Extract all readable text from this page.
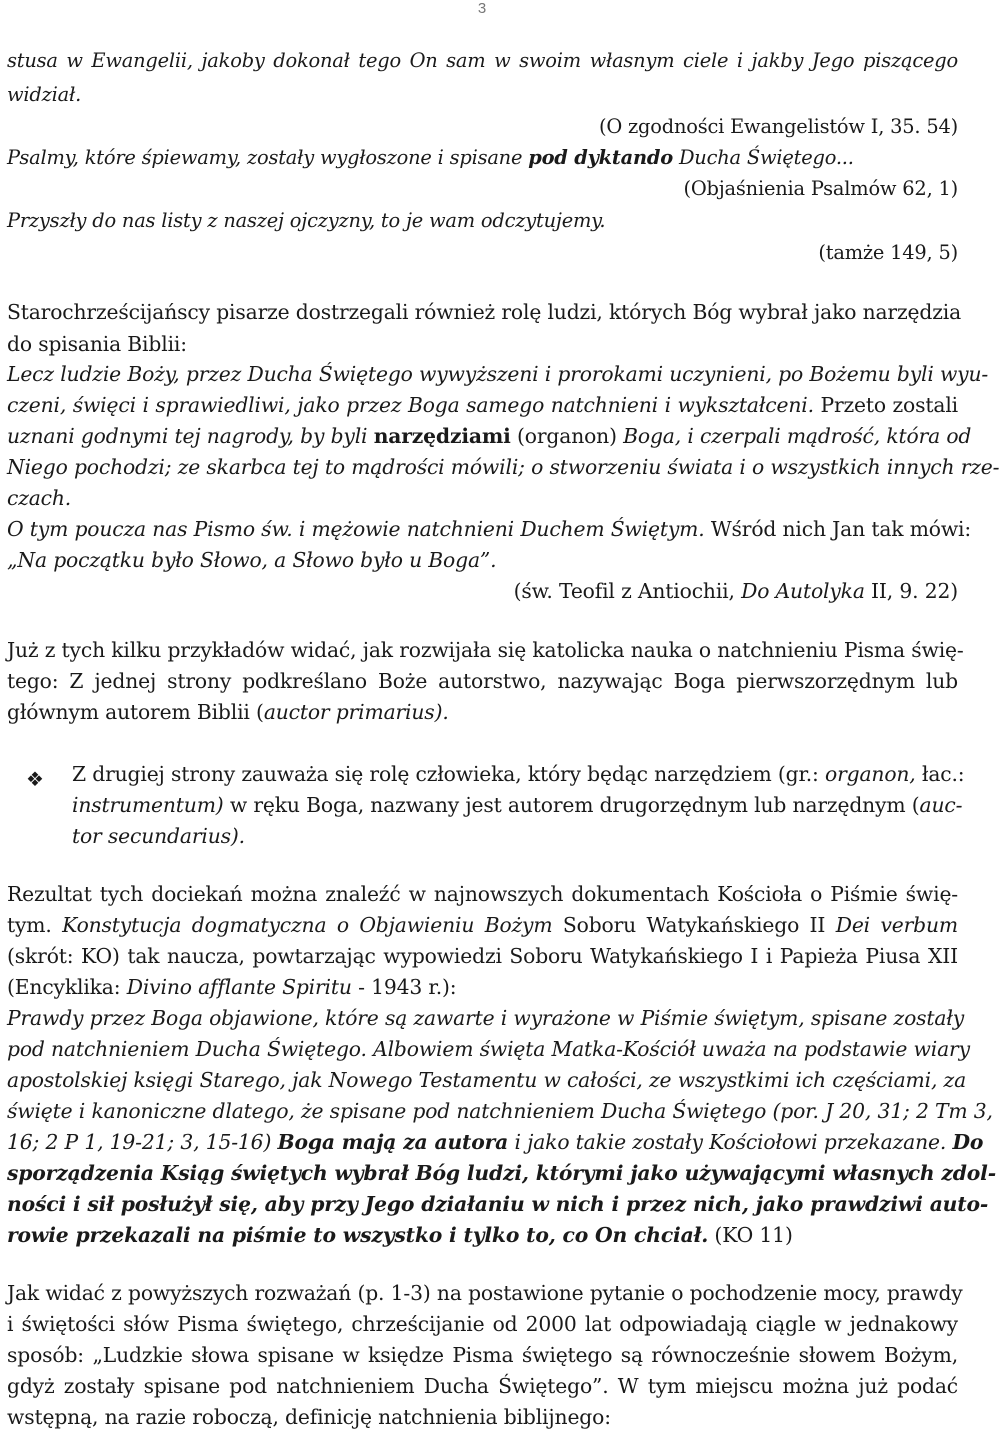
3
stusa w Ewangelii, jakoby dokonał tego On sam w swoim własnym ciele i jakby Jego piszącego
widział.
(O zgodności Ewangelistów I, 35. 54)
Psalmy, które śpiewamy, zostały wygłoszone i spisane pod dyktando Ducha Świętego...
(Objaśnienia Psalmów 62, 1)
Przyszły do nas listy z naszej ojczyzny, to je wam odczytujemy.
(tamże 149, 5)
Starochrześcijańscy pisarze dostrzegali również rolę ludzi, których Bóg wybrał jako narzędzia
do spisania Biblii:
Lecz ludzie Boży, przez Ducha Świętego wywyższeni i prorokami uczynieni, po Bożemu byli wyu-
czeni, święci i sprawiedliwi, jako przez Boga samego natchnieni i wykształceni. Przeto zostali
uznani godnymi tej nagrody, by byli narzędziami (organon) Boga, i czerpali mądrość, która od
Niego pochodzi; ze skarbca tej to mądrości mówili; o stworzeniu świata i o wszystkich innych rze-
czach.
O tym poucza nas Pismo św. i mężowie natchnieni Duchem Świętym. Wśród nich Jan tak mówi:
„Na początku było Słowo, a Słowo było u Boga”.
(św. Teofil z Antiochii, Do Autolyka II, 9. 22)
Już z tych kilku przykładów widać, jak rozwijała się katolicka nauka o natchnieniu Pisma świę-
tego: Z jednej strony podkreślano Boże autorstwo, nazywając Boga pierwszorzędnym lub
głównym autorem Biblii (auctor primarius).
❖ Z drugiej strony zauważa się rolę człowieka, który będąc narzędziem (gr.: organon, łac.:
instrumentum) w ręku Boga, nazwany jest autorem drugorzędnym lub narzędnym (auc-
tor secundarius).
Rezultat tych dociekań można znaleźć w najnowszych dokumentach Kościoła o Piśmie świę-
tym. Konstytucja dogmatyczna o Objawieniu Bożym Soboru Watykańskiego II Dei verbum
(skrót: KO) tak naucza, powtarzając wypowiedzi Soboru Watykańskiego I i Papieża Piusa XII
(Encyklika: Divino afflante Spiritu - 1943 r.):
Prawdy przez Boga objawione, które są zawarte i wyrażone w Piśmie świętym, spisane zostały
pod natchnieniem Ducha Świętego. Albowiem święta Matka-Kościół uważa na podstawie wiary
apostolskiej księgi Starego, jak Nowego Testamentu w całości, ze wszystkimi ich częściami, za
święte i kanoniczne dlatego, że spisane pod natchnieniem Ducha Świętego (por. J 20, 31; 2 Tm 3,
16; 2 P 1, 19-21; 3, 15-16) Boga mają za autora i jako takie zostały Kościołowi przekazane. Do
sporządzenia Ksiąg świętych wybrał Bóg ludzi, którymi jako używającymi własnych zdol-
ności i sił posłużył się, aby przy Jego działaniu w nich i przez nich, jako prawdziwi auto-
rowie przekazali na piśmie to wszystko i tylko to, co On chciał. (KO 11)
Jak widać z powyższych rozważań (p. 1-3) na postawione pytanie o pochodzenie mocy, prawdy
i świętości słów Pisma świętego, chrześcijanie od 2000 lat odpowiadają ciągle w jednakowy
sposób: „Ludzkie słowa spisane w księdze Pisma świętego są równocześnie słowem Bożym,
gdyż zostały spisane pod natchnieniem Ducha Świętego”. W tym miejscu można już podać
wstępną, na razie roboczą, definicję natchnienia biblijnego:
